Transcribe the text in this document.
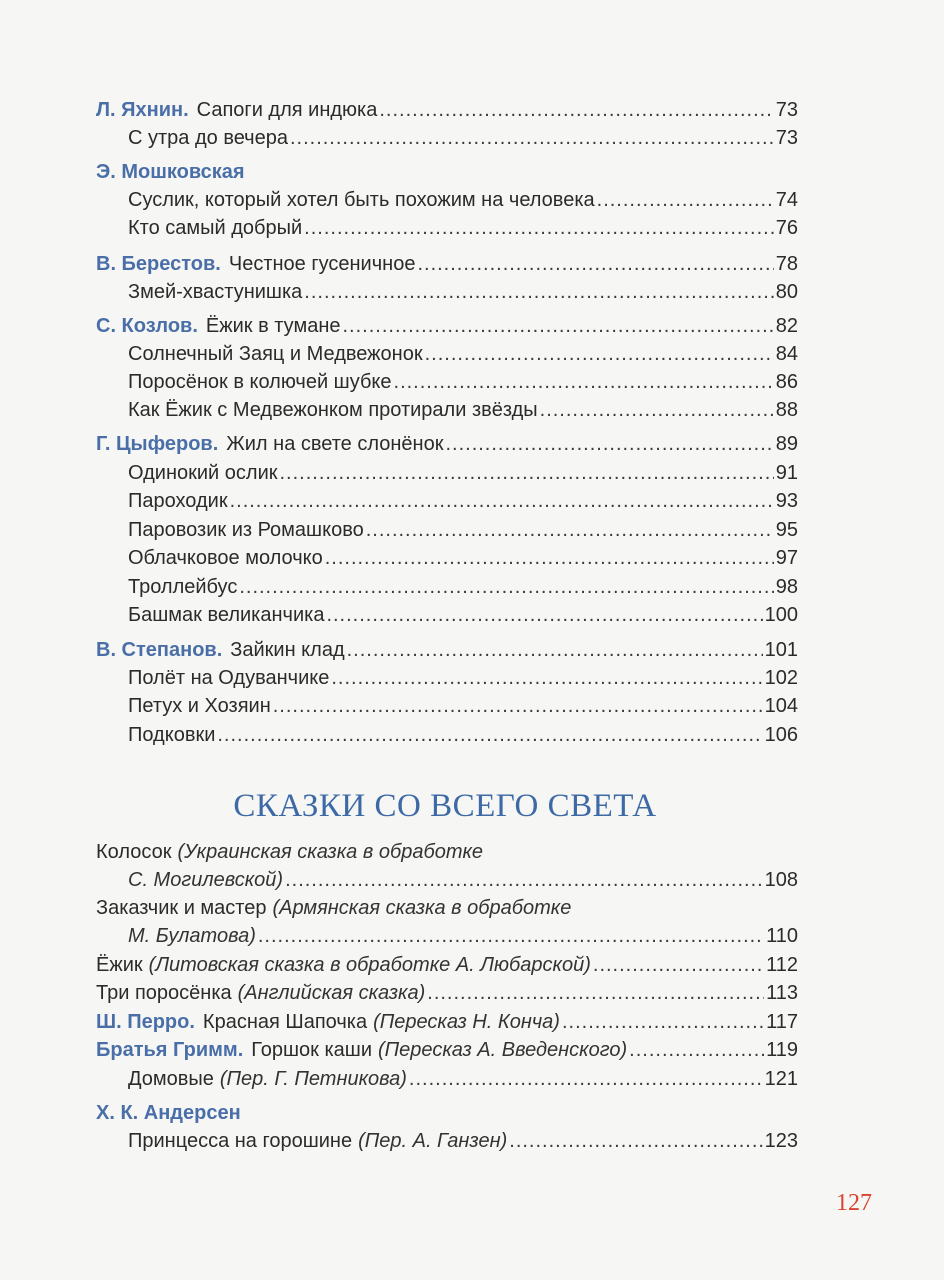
Л. Яхнин. Сапоги для индюка .....	73
С утра до вечера .....	73
Э. Мошковская
Суслик, который хотел быть похожим на человека .....	74
Кто самый добрый .....	76
В. Берестов. Честное гусеничное .....	78
Змей-хвастунишка .....	80
С. Козлов. Ёжик в тумане .....	82
Солнечный Заяц и Медвежонок .....	84
Поросёнок в колючей шубке .....	86
Как Ёжик с Медвежонком протирали звёзды .....	88
Г. Цыферов. Жил на свете слонёнок .....	89
Одинокий ослик .....	91
Пароходик .....	93
Паровозик из Ромашково .....	95
Облачковое молочко .....	97
Троллейбус .....	98
Башмак великанчика .....	100
В. Степанов. Зайкин клад .....	101
Полёт на Одуванчике .....	102
Петух и Хозяин .....	104
Подковки .....	106
СКАЗКИ СО ВСЕГО СВЕТА
Колосок (Украинская сказка в обработке
С. Могилевской) .....	108
Заказчик и мастер (Армянская сказка в обработке
М. Булатова) .....	110
Ёжик (Литовская сказка в обработке А. Любарской) .....	112
Три поросёнка (Английская сказка) .....	113
Ш. Перро. Красная Шапочка (Пересказ Н. Конча) .....	117
Братья Гримм. Горшок каши (Пересказ А. Введенского) .....	119
Домовые (Пер. Г. Петникова) .....	121
Х. К. Андерсен
Принцесса на горошине (Пер. А. Ганзен) .....	123
127
